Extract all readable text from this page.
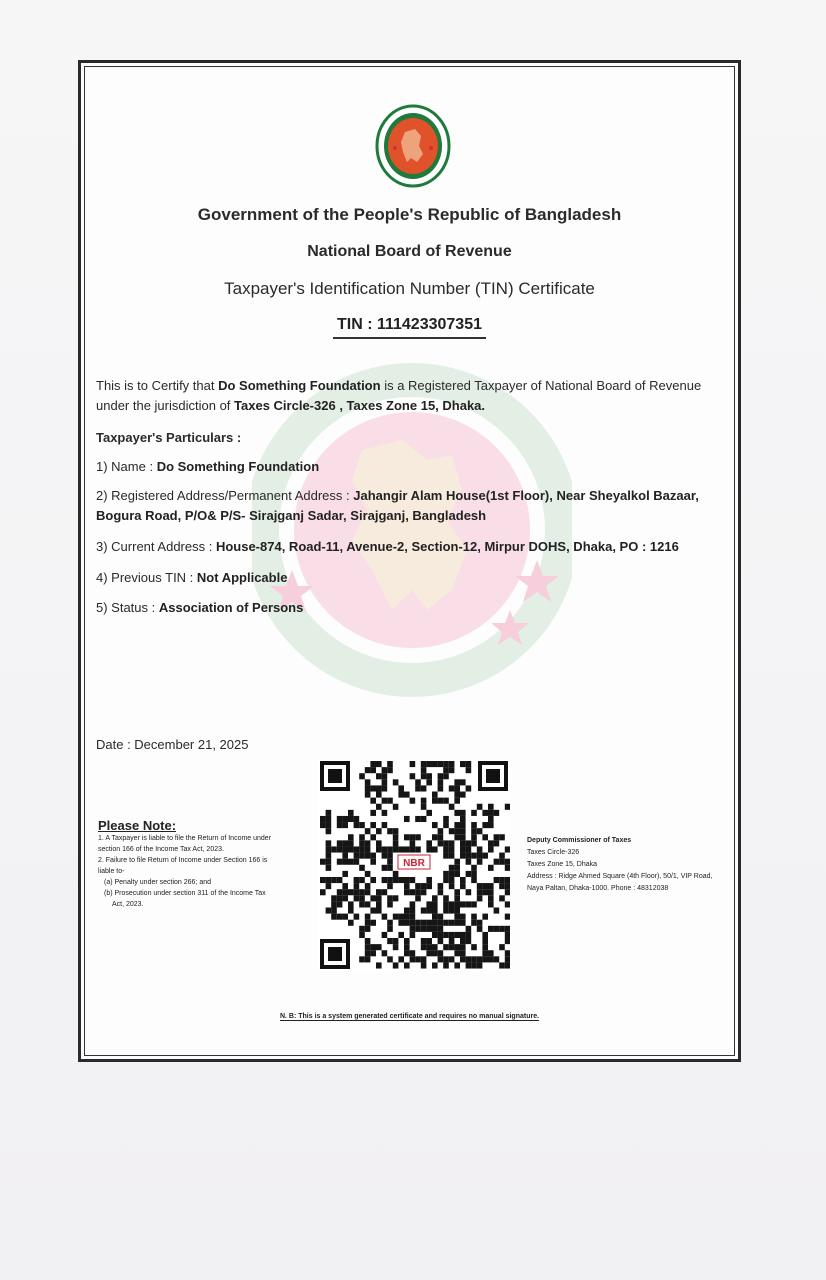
Government of the People's Republic of Bangladesh
National Board of Revenue
Taxpayer's Identification Number (TIN) Certificate
TIN : 111423307351
This is to Certify that Do Something Foundation is a Registered Taxpayer of National Board of Revenue under the jurisdiction of Taxes Circle-326 , Taxes Zone 15, Dhaka.
Taxpayer's Particulars :
1) Name : Do Something Foundation
2) Registered Address/Permanent Address : Jahangir Alam House(1st Floor), Near Sheyalkol Bazaar, Bogura Road, P/O& P/S- Sirajganj Sadar, Sirajganj, Bangladesh
3) Current Address : House-874, Road-11, Avenue-2, Section-12, Mirpur DOHS, Dhaka, PO : 1216
4) Previous TIN : Not Applicable
5) Status : Association of Persons
Date : December 21, 2025
NBR
Please Note:
1. A Taxpayer is liable to file the Return of Income under
section 166 of the Income Tax Act, 2023.
2. Failure to file Return of Income under Section 166 is
liable to-
(a) Penalty under section 266; and
(b) Prosecution under section 311 of the Income Tax
Act, 2023.
Deputy Commissioner of Taxes
Taxes Circle-326
Taxes Zone 15, Dhaka
Address : Ridge Ahmed Square (4th Floor), 50/1, VIP Road,
Naya Paltan, Dhaka-1000. Phone : 48312038
N. B: This is a system generated certificate and requires no manual signature.
